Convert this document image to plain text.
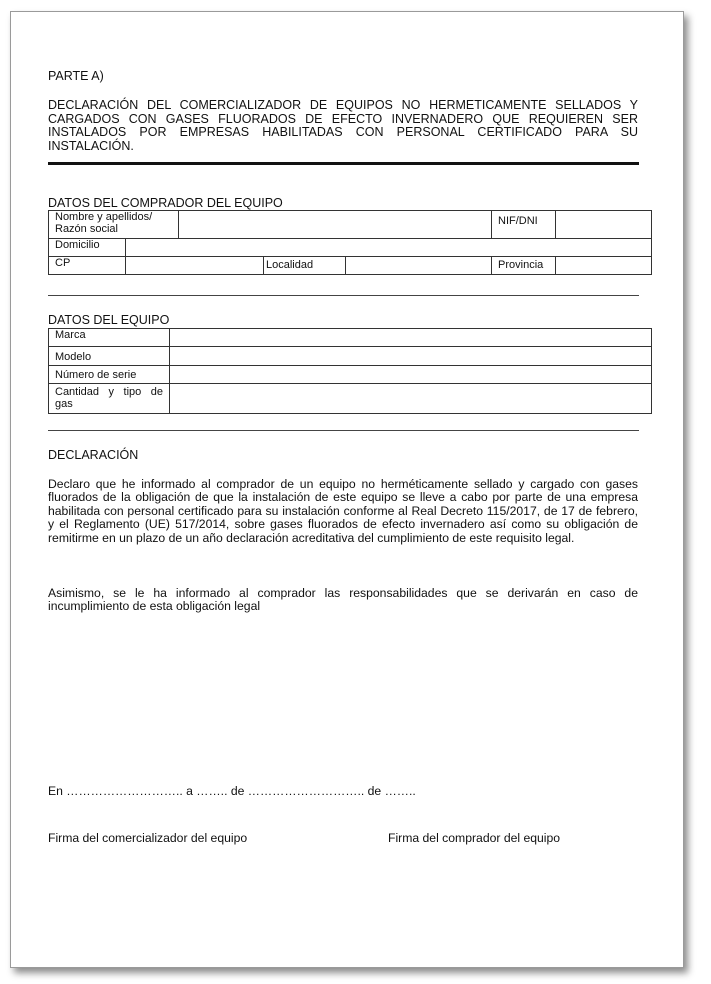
PARTE A)
DECLARACIÓN DEL COMERCIALIZADOR DE EQUIPOS NO HERMETICAMENTE SELLADOS Y CARGADOS CON GASES FLUORADOS DE EFECTO INVERNADERO QUE REQUIEREN SER INSTALADOS POR EMPRESAS HABILITADAS CON PERSONAL CERTIFICADO PARA SU INSTALACIÓN.
DATOS DEL COMPRADOR DEL EQUIPO
Nombre y apellidos/ Razón social					NIF/DNI	
Domicilio						
CP			Localidad		Provincia	
DATOS DEL EQUIPO
Marca	
Modelo	
Número de serie	
Cantidad y tipo de gas	
DECLARACIÓN
Declaro que he informado al comprador de un equipo no herméticamente sellado y cargado con gases fluorados de la obligación de que la instalación de este equipo se lleve a cabo por parte de una empresa habilitada con personal certificado para su instalación conforme al Real Decreto 115/2017, de 17 de febrero, y el Reglamento (UE) 517/2014, sobre gases fluorados de efecto invernadero así como su obligación de remitirme en un plazo de un año declaración acreditativa del cumplimiento de este requisito legal.
Asimismo, se le ha informado al comprador las responsabilidades que se derivarán en caso de incumplimiento de esta obligación legal
En ……………………….. a …….. de ……………………….. de ……..
Firma del comercializador del equipo	Firma del comprador del equipo
